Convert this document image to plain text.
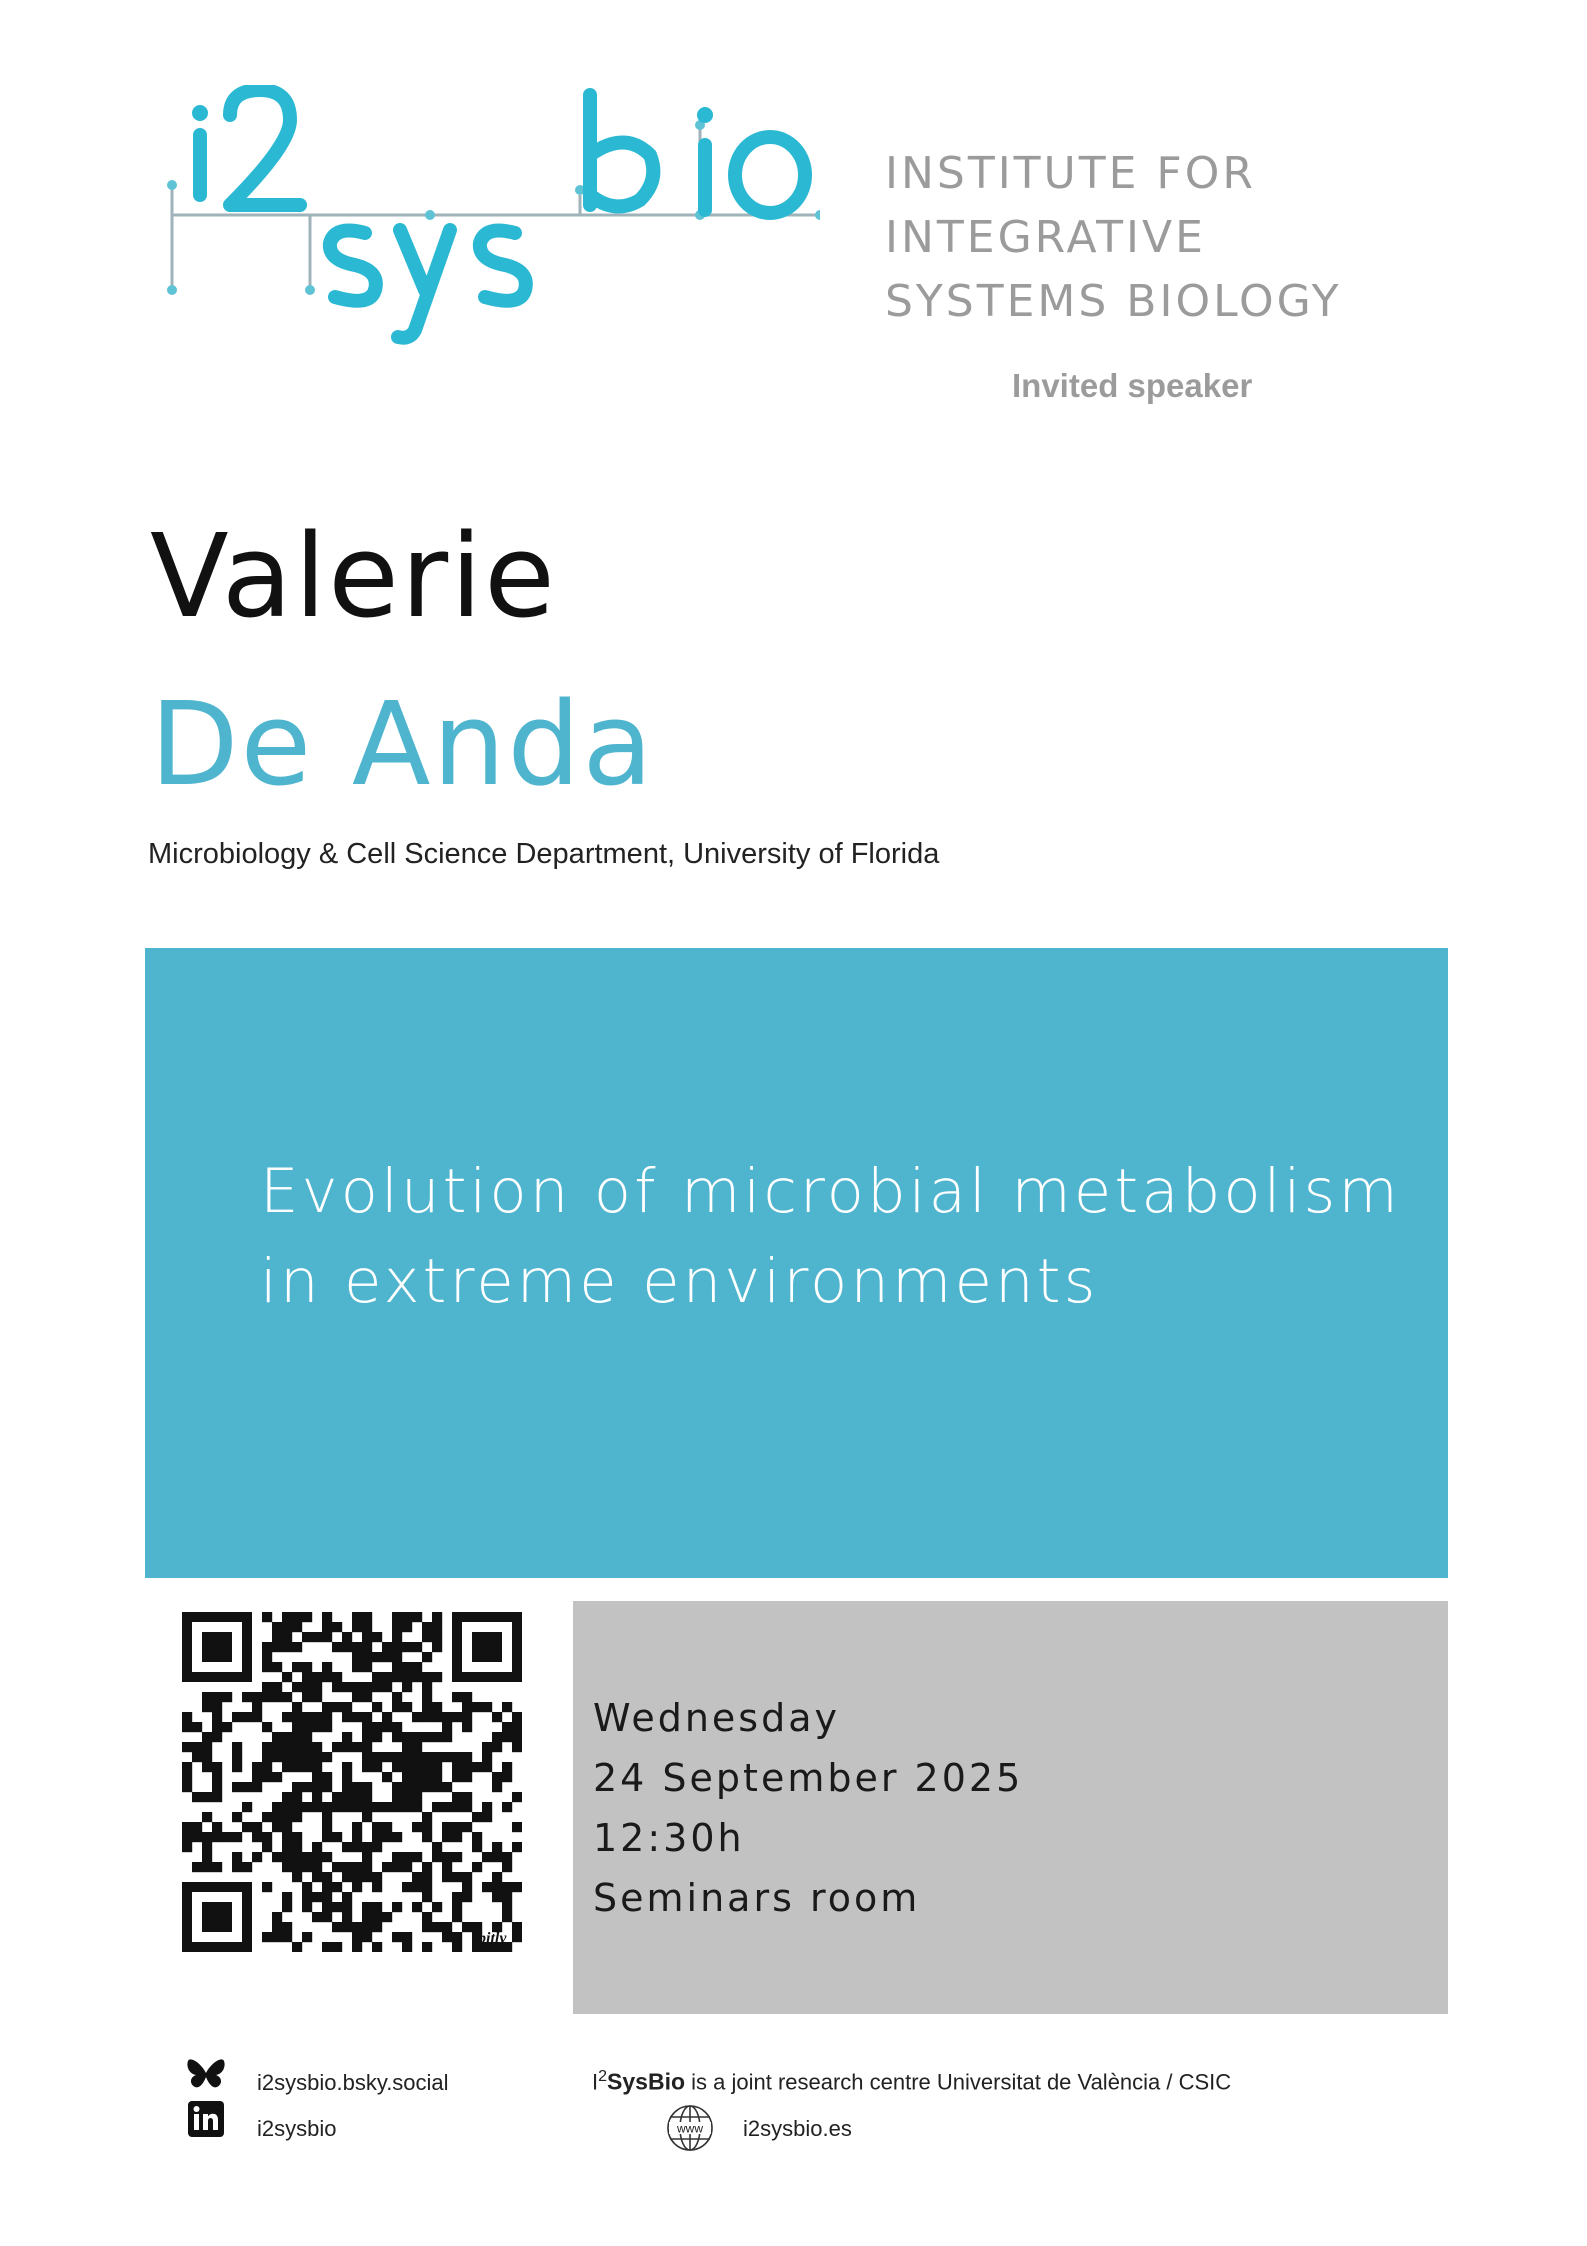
INSTITUTE FOR
INTEGRATIVE
SYSTEMS BIOLOGY
Invited speaker
Valerie
De Anda
Microbiology & Cell Science Department, University of Florida
Evolution of microbial metabolism
in extreme environments
bitly
Wednesday
24 September 2025
12:30h
Seminars room
i2sysbio.bsky.social
i2sysbio
$I^2SysBio$ is a joint research centre Universitat de València / CSIC
www i2sysbio.es
